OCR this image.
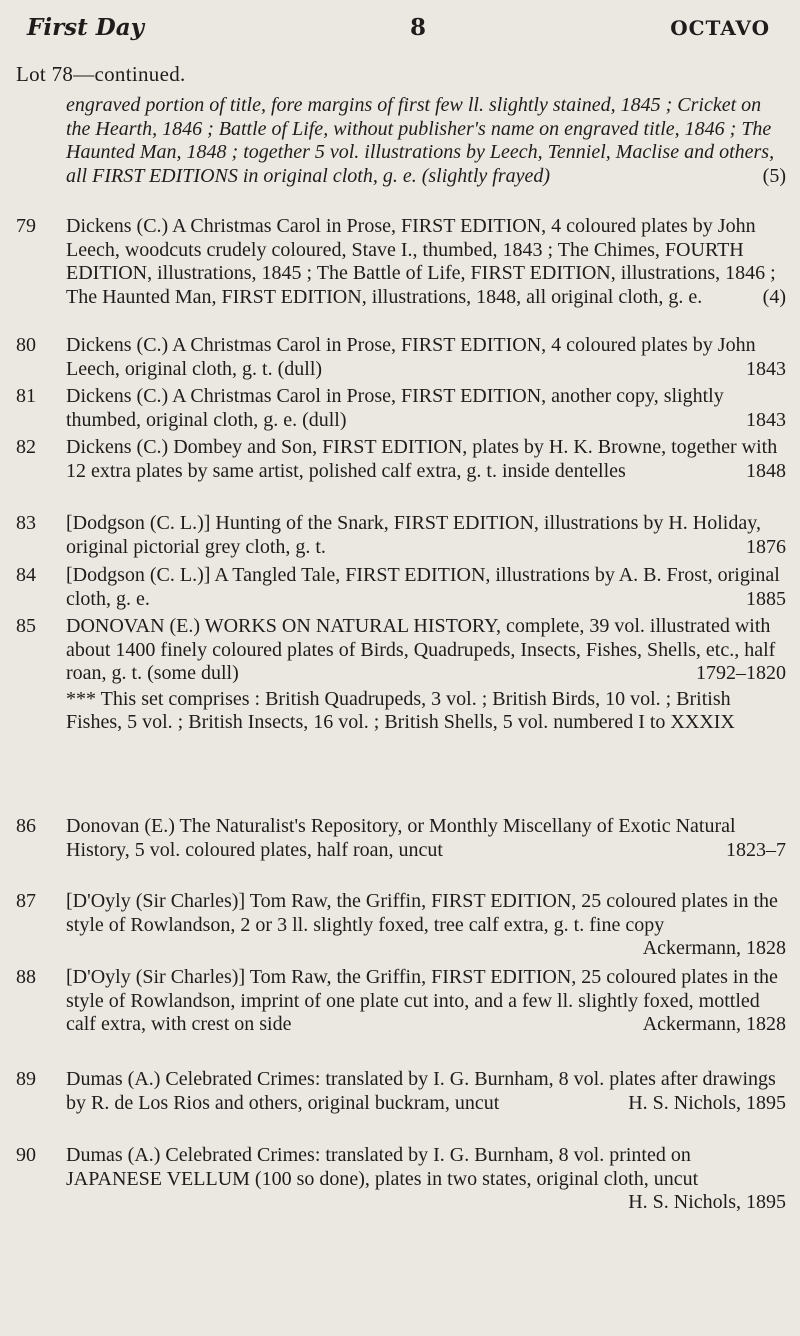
First Day	8	OCTAVO
Lot 78—continued.
engraved portion of title, fore margins of first few ll. slightly stained, 1845 ; Cricket on the Hearth, 1846 ; Battle of Life, without publisher's name on engraved title, 1846 ; The Haunted Man, 1848 ; together 5 vol. illustrations by Leech, Tenniel, Maclise and others, all FIRST EDITIONS in original cloth, g. e. (slightly frayed)	(5)
79	Dickens (C.) A Christmas Carol in Prose, FIRST EDITION, 4 coloured plates by John Leech, woodcuts crudely coloured, Stave I., thumbed, 1843 ; The Chimes, FOURTH EDITION, illustrations, 1845 ; The Battle of Life, FIRST EDITION, illustrations, 1846 ; The Haunted Man, FIRST EDITION, illustrations, 1848, all original cloth, g. e.	(4)
80	Dickens (C.) A Christmas Carol in Prose, FIRST EDITION, 4 coloured plates by John Leech, original cloth, g. t. (dull)	1843
81	Dickens (C.) A Christmas Carol in Prose, FIRST EDITION, another copy, slightly thumbed, original cloth, g. e. (dull)	1843
82	Dickens (C.) Dombey and Son, FIRST EDITION, plates by H. K. Browne, together with 12 extra plates by same artist, polished calf extra, g. t. inside dentelles	1848
83	[Dodgson (C. L.)] Hunting of the Snark, FIRST EDITION, illustrations by H. Holiday, original pictorial grey cloth, g. t.	1876
84	[Dodgson (C. L.)] A Tangled Tale, FIRST EDITION, illustrations by A. B. Frost, original cloth, g. e.	1885
85	DONOVAN (E.) WORKS ON NATURAL HISTORY, complete, 39 vol. illustrated with about 1400 finely coloured plates of Birds, Quadrupeds, Insects, Fishes, Shells, etc., half roan, g. t. (some dull)	1792–1820
*** This set comprises : British Quadrupeds, 3 vol. ; British Birds, 10 vol. ; British Fishes, 5 vol. ; British Insects, 16 vol. ; British Shells, 5 vol. numbered I to XXXIX
86	Donovan (E.) The Naturalist's Repository, or Monthly Miscellany of Exotic Natural History, 5 vol. coloured plates, half roan, uncut	1823–7
87	[D'Oyly (Sir Charles)] Tom Raw, the Griffin, FIRST EDITION, 25 coloured plates in the style of Rowlandson, 2 or 3 ll. slightly foxed, tree calf extra, g. t. fine copy
Ackermann, 1828
88	[D'Oyly (Sir Charles)] Tom Raw, the Griffin, FIRST EDITION, 25 coloured plates in the style of Rowlandson, imprint of one plate cut into, and a few ll. slightly foxed, mottled calf extra, with crest on side	Ackermann, 1828
89	Dumas (A.) Celebrated Crimes: translated by I. G. Burnham, 8 vol. plates after drawings by R. de Los Rios and others, original buckram, uncut	H. S. Nichols, 1895
90	Dumas (A.) Celebrated Crimes: translated by I. G. Burnham, 8 vol. printed on JAPANESE VELLUM (100 so done), plates in two states, original cloth, uncut
H. S. Nichols, 1895
